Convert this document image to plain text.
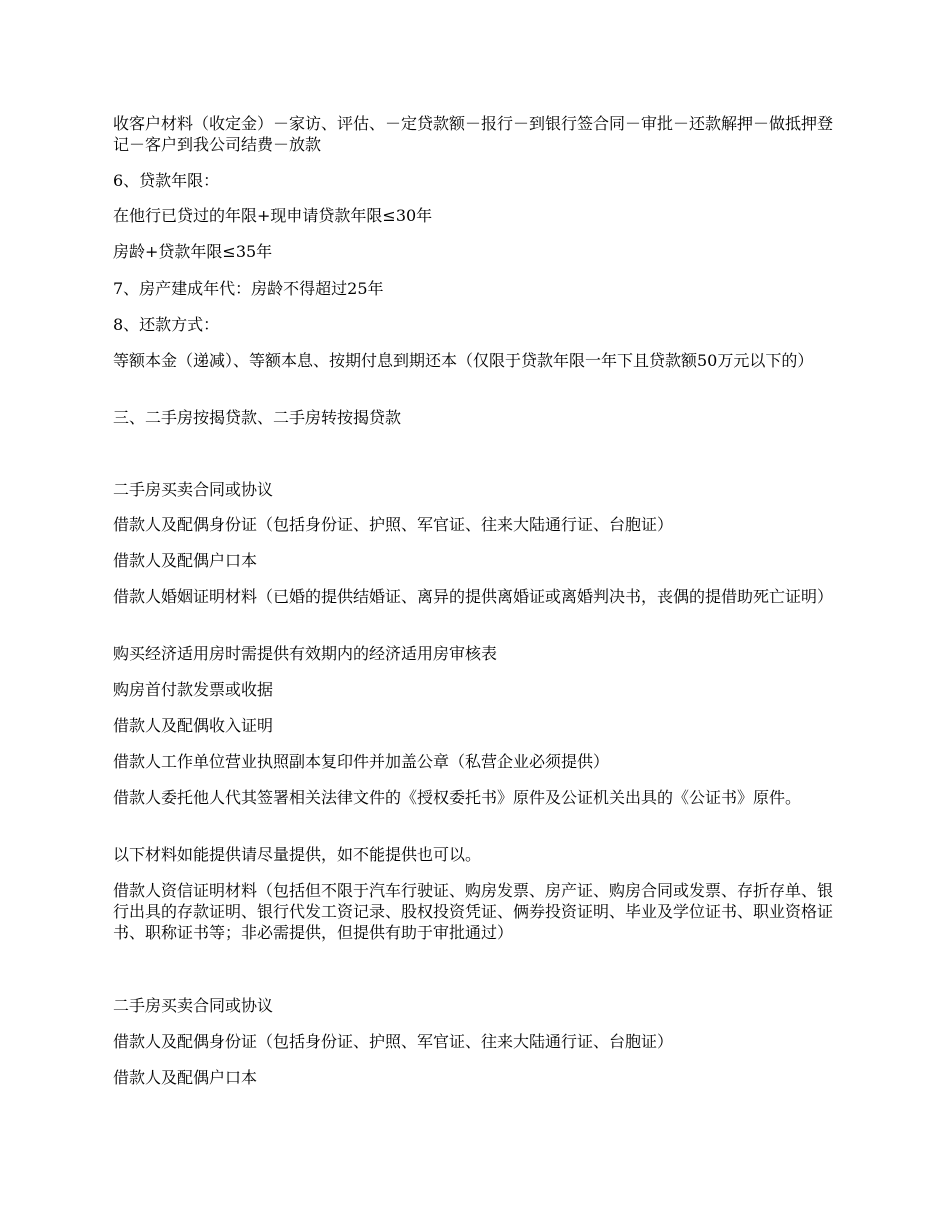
收客户材料（收定金）－家访、评估、－定贷款额－报行－到银行签合同－审批－还款解押－做抵押登记－客户到我公司结费－放款

6、贷款年限：

在他行已贷过的年限+现申请贷款年限≤30年

房龄+贷款年限≤35年

7、房产建成年代：房龄不得超过25年

8、还款方式：

等额本金（递减）、等额本息、按期付息到期还本（仅限于贷款年限一年下且贷款额50万元以下的）

三、二手房按揭贷款、二手房转按揭贷款

二手房买卖合同或协议

借款人及配偶身份证（包括身份证、护照、军官证、往来大陆通行证、台胞证）

借款人及配偶户口本

借款人婚姻证明材料（已婚的提供结婚证、离异的提供离婚证或离婚判决书，丧偶的提借助死亡证明）

购买经济适用房时需提供有效期内的经济适用房审核表

购房首付款发票或收据

借款人及配偶收入证明

借款人工作单位营业执照副本复印件并加盖公章（私营企业必须提供）

借款人委托他人代其签署相关法律文件的《授权委托书》原件及公证机关出具的《公证书》原件。

以下材料如能提供请尽量提供，如不能提供也可以。

借款人资信证明材料（包括但不限于汽车行驶证、购房发票、房产证、购房合同或发票、存折存单、银行出具的存款证明、银行代发工资记录、股权投资凭证、俩券投资证明、毕业及学位证书、职业资格证书、职称证书等；非必需提供，但提供有助于审批通过）

二手房买卖合同或协议

借款人及配偶身份证（包括身份证、护照、军官证、往来大陆通行证、台胞证）

借款人及配偶户口本
